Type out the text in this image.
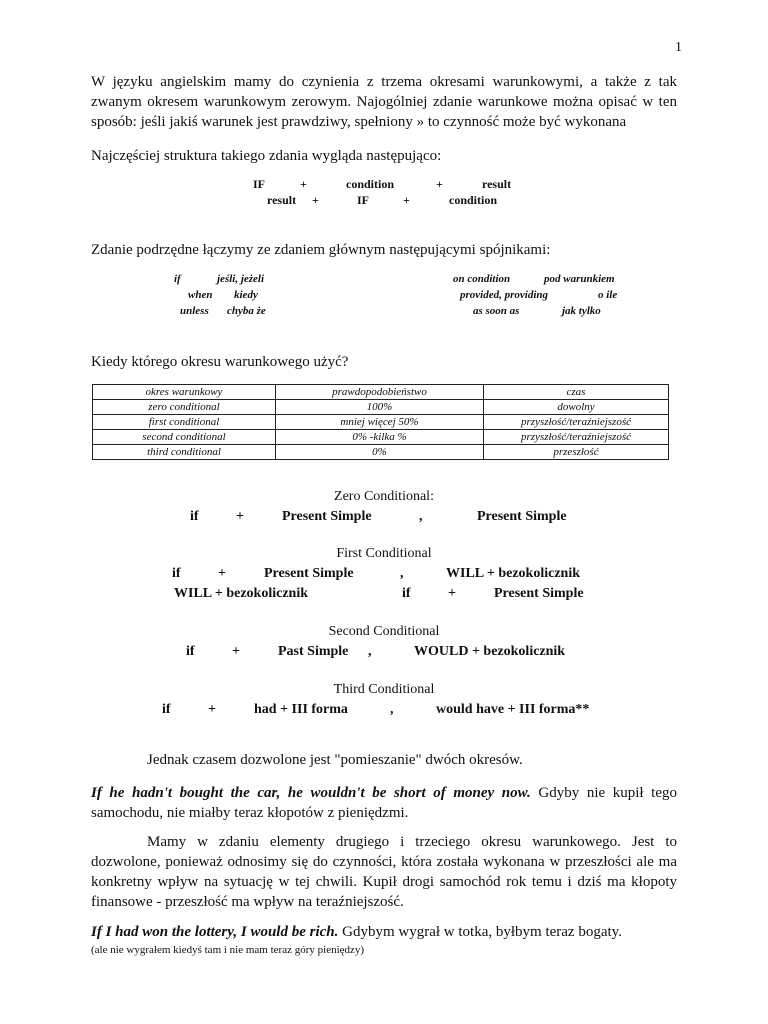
1
W języku angielskim mamy do czynienia z trzema okresami warunkowymi, a także z tak zwanym okresem warunkowym zerowym. Najogólniej zdanie warunkowe można opisać w ten sposób: jeśli jakiś warunek jest prawdziwy, spełniony » to czynność może być wykonana
Najczęściej struktura takiego zdania wygląda następująco:
IF	+	condition	+	result
result +	IF	+	condition
Zdanie podrzędne łączymy ze zdaniem głównym następującymi spójnikami:
if	jeśli, jeżeli
when kiedy
unless chyba że
on condition	pod warunkiem
provided, providing	o ile
as soon as	jak tylko
Kiedy którego okresu warunkowego użyć?
okres warunkowy	prawdopodobieństwo	czas
zero conditional	100%	dowolny
first conditional	mniej więcej 50%	przyszłość/teraźniejszość
second conditional	0% -kilka %	przyszłość/teraźniejszość
third conditional	0%	przeszłość
Zero Conditional:
if	+	Present Simple	,	Present Simple
First Conditional
if	+	Present Simple	,	WILL + bezokolicznik
WILL + bezokolicznik	if	+	Present Simple
Second Conditional
if	+	Past Simple ,	WOULD + bezokolicznik
Third Conditional
if	+	had + III forma	,	would have + III forma**
Jednak czasem dozwolone jest "pomieszanie" dwóch okresów.
If he hadn't bought the car, he wouldn't be short of money now. Gdyby nie kupił tego samochodu, nie miałby teraz kłopotów z pieniędzmi.
Mamy w zdaniu elementy drugiego i trzeciego okresu warunkowego. Jest to dozwolone, ponieważ odnosimy się do czynności, która została wykonana w przeszłości ale ma konkretny wpływ na sytuację w tej chwili. Kupił drogi samochód rok temu i dziś ma kłopoty finansowe - przeszłość ma wpływ na teraźniejszość.
If I had won the lottery, I would be rich. Gdybym wygrał w totka, byłbym teraz bogaty.
(ale nie wygrałem kiedyś tam i nie mam teraz góry pieniędzy)
